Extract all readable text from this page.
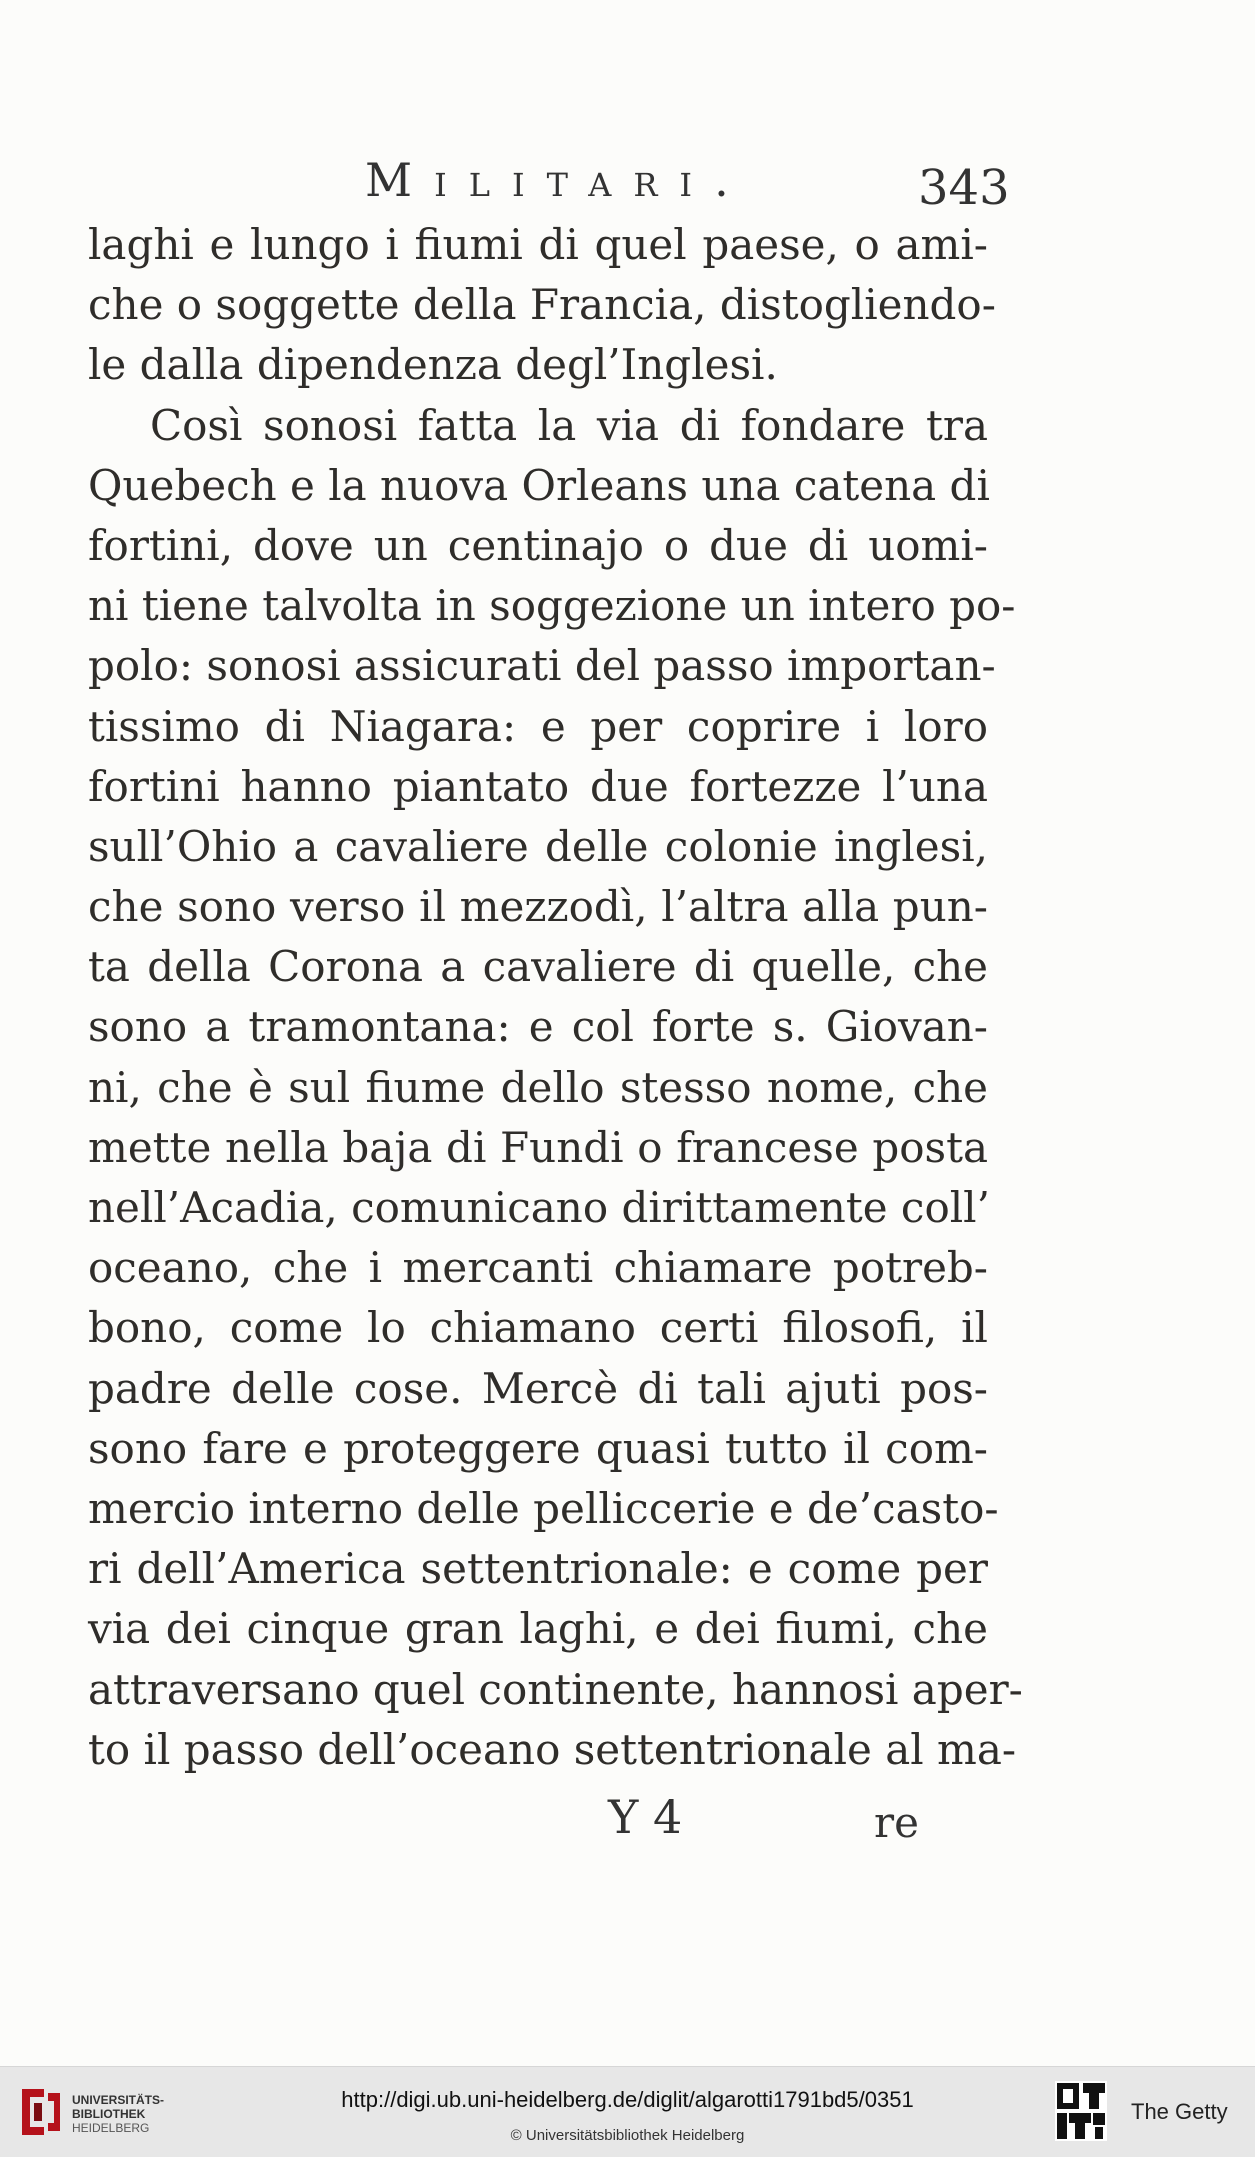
Militari.	343
laghi e lungo i fiumi di quel paese, o ami-
che o soggette della Francia, distogliendo-
le dalla dipendenza degl’Inglesi.
Così sonosi fatta la via di fondare tra
Quebech e la nuova Orleans una catena di
fortini, dove un centinajo o due di uomi-
ni tiene talvolta in soggezione un intero po-
polo: sonosi assicurati del passo importan-
tissimo di Niagara: e per coprire i loro
fortini hanno piantato due fortezze l’una
sull’Ohio a cavaliere delle colonie inglesi,
che sono verso il mezzodì, l’altra alla pun-
ta della Corona a cavaliere di quelle, che
sono a tramontana: e col forte s. Giovan-
ni, che è sul fiume dello stesso nome, che
mette nella baja di Fundi o francese posta
nell’Acadia, comunicano dirittamente coll’
oceano, che i mercanti chiamare potreb-
bono, come lo chiamano certi filosofi, il
padre delle cose. Mercè di tali ajuti pos-
sono fare e proteggere quasi tutto il com-
mercio interno delle pelliccerie e de’casto-
ri dell’America settentrionale: e come per
via dei cinque gran laghi, e dei fiumi, che
attraversano quel continente, hannosi aper-
to il passo dell’oceano settentrionale al ma-
Y 4	re
UNIVERSITÄTS-
BIBLIOTHEK
HEIDELBERG
http://digi.ub.uni-heidelberg.de/diglit/algarotti1791bd5/0351
© Universitätsbibliothek Heidelberg
The Getty
